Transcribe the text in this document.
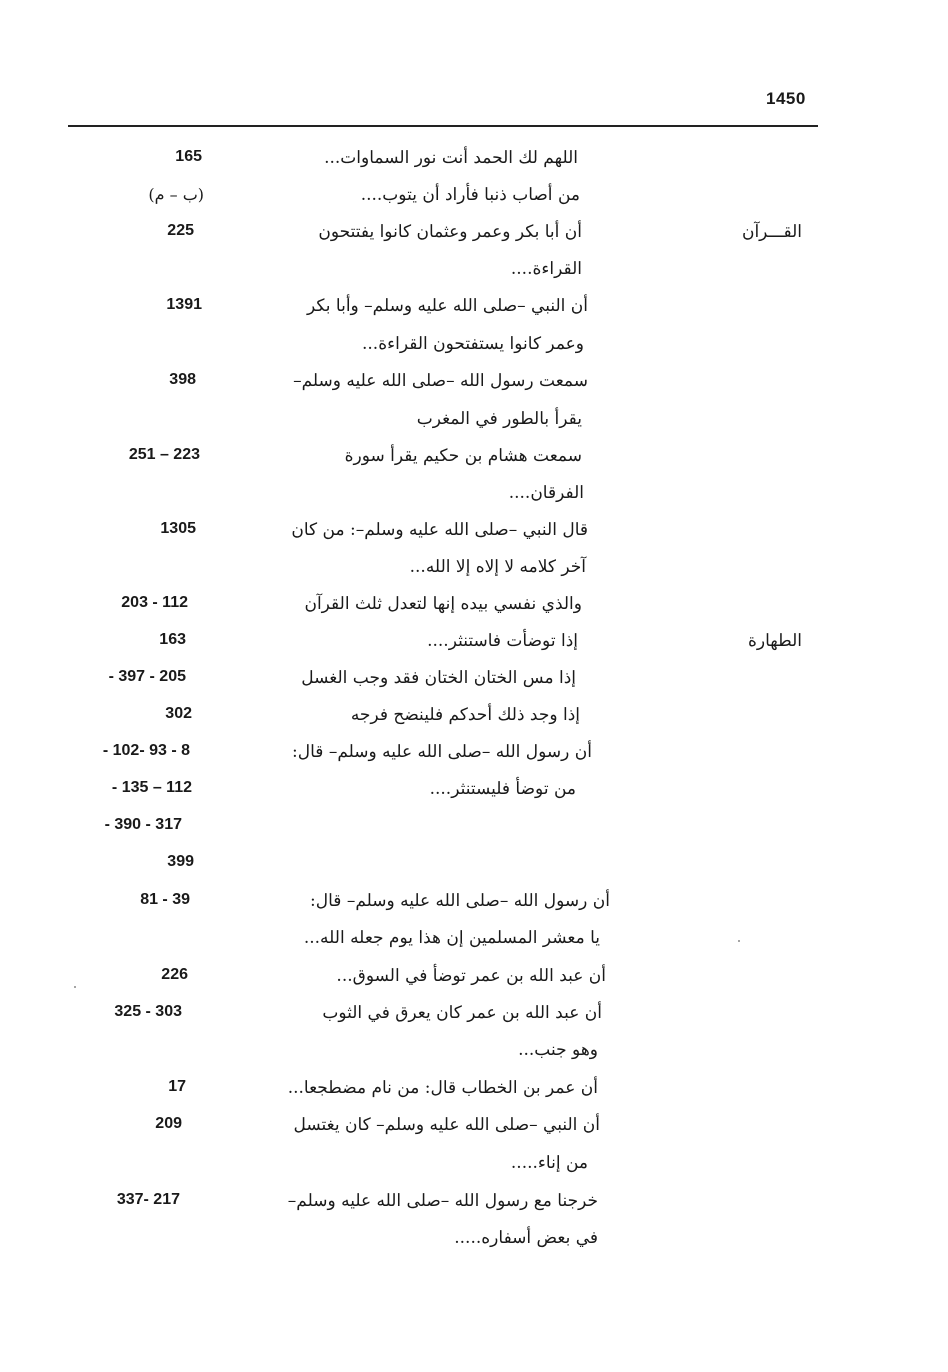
1450
اللهم لك الحمد أنت نور السماوات...
165
من أصاب ذنبا فأراد أن يتوب....
(ب – م)
القـــرآن
أن أبا بكر وعمر وعثمان كانوا يفتتحون
225
القراءة....
أن النبي –صلى الله عليه وسلم– وأبا بكر
1391
وعمر كانوا يستفتحون القراءة...
سمعت رسول الله –صلى الله عليه وسلم–
398
يقرأ بالطور في المغرب
سمعت هشام بن حكيم يقرأ سورة
251 – 223
الفرقان....
قال النبي –صلى الله عليه وسلم–: من كان
1305
آخر كلامه لا إلاه إلا الله...
والذي نفسي بيده إنها لتعدل ثلث القرآن
203 - 112
الطهارة
إذا توضأت فاستنثر....
163
إذا مس الختان الختان فقد وجب الغسل
- 397 - 205
إذا وجد ذلك أحدكم فلينضح فرجه
302
أن رسول الله –صلى الله عليه وسلم– قال:
- 102- 93 - 8
من توضأ فليستنثر....
- 135 – 112
- 390 - 317
399
أن رسول الله –صلى الله عليه وسلم– قال:
81 - 39
يا معشر المسلمين إن هذا يوم جعله الله...
أن عبد الله بن عمر توضأ في السوق...
226
أن عبد الله بن عمر كان يعرق في الثوب
325 - 303
وهو جنب...
أن عمر بن الخطاب قال: من نام مضطجعا...
17
أن النبي –صلى الله عليه وسلم– كان يغتسل
209
من إناء.....
خرجنا مع رسول الله –صلى الله عليه وسلم–
337- 217
في بعض أسفاره.....
